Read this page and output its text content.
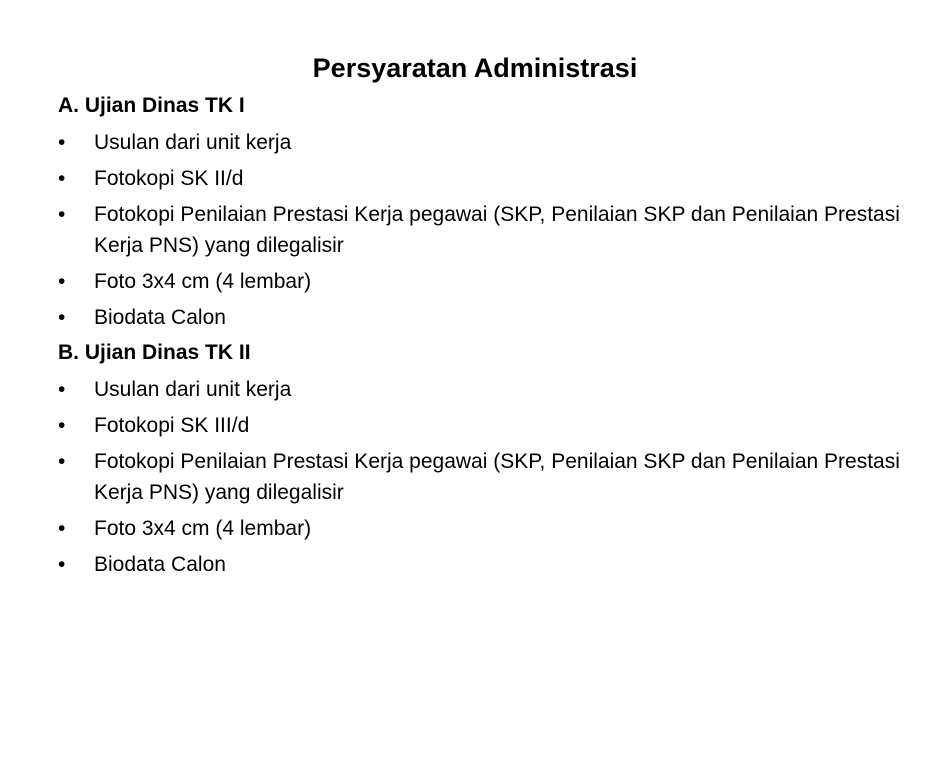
Persyaratan Administrasi
A. Ujian Dinas TK I
•	Usulan dari unit kerja
•	Fotokopi SK II/d
•	Fotokopi Penilaian Prestasi Kerja pegawai (SKP, Penilaian SKP dan Penilaian Prestasi Kerja PNS) yang dilegalisir
•	Foto 3x4 cm (4 lembar)
•	Biodata Calon
B. Ujian Dinas TK II
•	Usulan dari unit kerja
•	Fotokopi SK III/d
•	Fotokopi Penilaian Prestasi Kerja pegawai (SKP, Penilaian SKP dan Penilaian Prestasi Kerja PNS) yang dilegalisir
•	Foto 3x4 cm (4 lembar)
•	Biodata Calon
